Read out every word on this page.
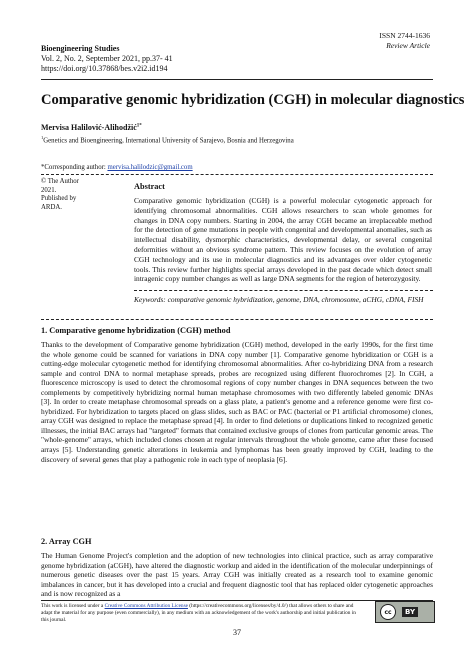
ISSN 2744-1636
Review Article
Bioengineering Studies
Vol. 2, No. 2, September 2021, pp.37- 41
https://doi.org/10.37868/bes.v2i2.id194
Comparative genomic hybridization (CGH) in molecular diagnostics
Mervisa Halilović-Alihodžić$^{1*}$
$^1$Genetics and Bioengineering, International University of Sarajevo, Bosnia and Herzegovina
*Corresponding author: mervisa.halilodzic@gmail.com
© The Author
2021.
Published by
ARDA.
Abstract
Comparative genomic hybridization (CGH) is a powerful molecular cytogenetic approach for identifying chromosomal abnormalities. CGH allows researchers to scan whole genomes for changes in DNA copy numbers. Starting in 2004, the array CGH became an irreplaceable method for the detection of gene mutations in people with congenital and developmental anomalies, such as intellectual disability, dysmorphic characteristics, developmental delay, or several congenital deformities without an obvious syndrome pattern. This review focuses on the evolution of array CGH technology and its use in molecular diagnostics and its advantages over older cytogenetic tools. This review further highlights special arrays developed in the past decade which detect small intragenic copy number changes as well as large DNA segments for the region of heterozygosity.
Keywords: comparative genomic hybridization, genome, DNA, chromosome, aCHG, cDNA, FISH
1. Comparative genome hybridization (CGH) method
Thanks to the development of Comparative genome hybridization (CGH) method, developed in the early 1990s, for the first time the whole genome could be scanned for variations in DNA copy number [1]. Comparative genome hybridization or CGH is a cutting-edge molecular cytogenetic method for identifying chromosomal abnormalities. After co-hybridizing DNA from a research sample and control DNA to normal metaphase spreads, probes are recognized using different fluorochromes [2]. In CGH, a fluorescence microscopy is used to detect the chromosomal regions of copy number changes in DNA sequences between the two complements by competitively hybridizing normal human metaphase chromosomes with two differently labeled genomic DNAs [3]. In order to create metaphase chromosomal spreads on a glass plate, a patient's genome and a reference genome were first co-hybridized. For hybridization to targets placed on glass slides, such as BAC or PAC (bacterial or P1 artificial chromosome) clones, array CGH was designed to replace the metaphase spread [4]. In order to find deletions or duplications linked to recognized genetic illnesses, the initial BAC arrays had "targeted" formats that contained exclusive groups of clones from particular genomic areas. The "whole-genome" arrays, which included clones chosen at regular intervals throughout the whole genome, came after these focused arrays [5]. Understanding genetic alterations in leukemia and lymphomas has been greatly improved by CGH, leading to the discovery of several genes that play a pathogenic role in each type of neoplasia [6].
2. Array CGH
The Human Genome Project's completion and the adoption of new technologies into clinical practice, such as array comparative genome hybridization (aCGH), have altered the diagnostic workup and aided in the identification of the molecular underpinnings of numerous genetic diseases over the past 15 years. Array CGH was initially created as a research tool to examine genomic imbalances in cancer, but it has developed into a crucial and frequent diagnostic tool that has replaced older cytogenetic approaches and is now recognized as a
This work is licensed under a Creative Commons Attribution License (https://creativecommons.org/licenses/by/4.0/) that allows others to share and adapt the material for any purpose (even commercially), in any medium with an acknowledgement of the work's authorship and initial publication in this journal.
cc	BY
37
